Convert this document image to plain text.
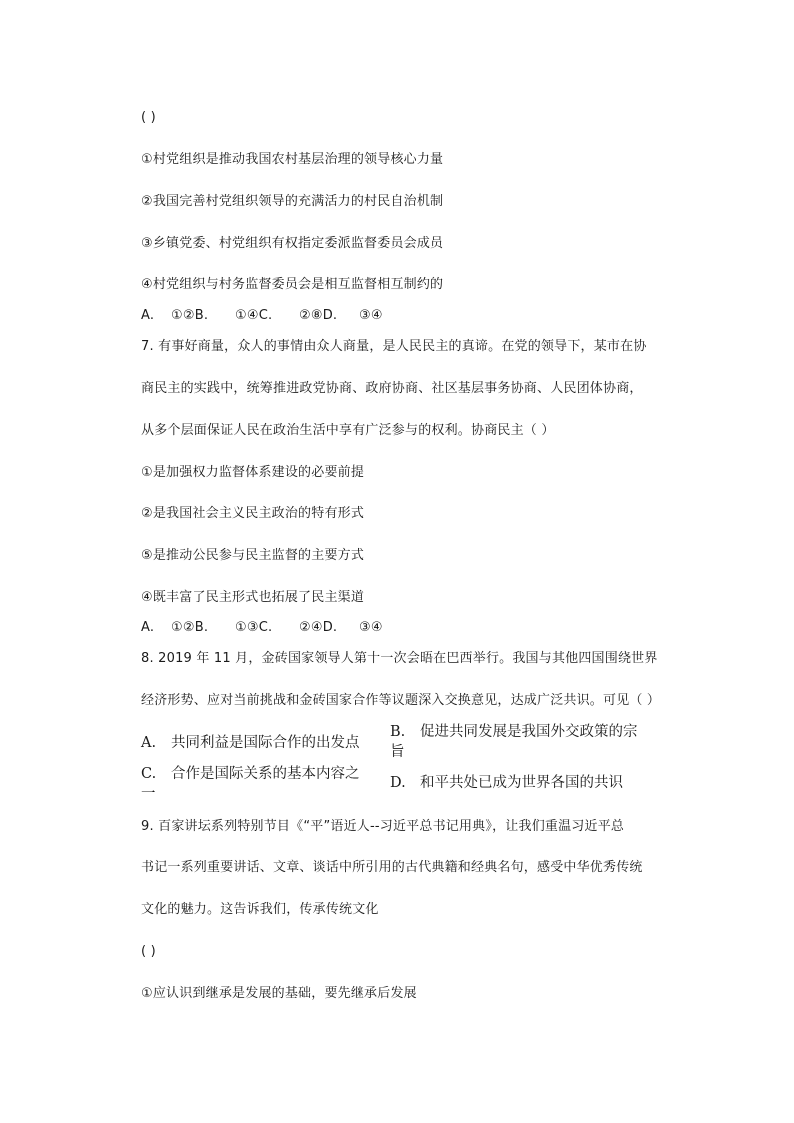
( )
①村党组织是推动我国农村基层治理的领导核心力量
②我国完善村党组织领导的充满活力的村民自治机制
③乡镇党委、村党组织有权指定委派监督委员会成员
④村党组织与村务监督委员会是相互监督相互制约的
A. ①②B. ①④C. ②⑧D. ③④
7. 有事好商量，众人的事情由众人商量，是人民民主的真谛。在党的领导下，某市在协
商民主的实践中，统筹推进政党协商、政府协商、社区基层事务协商、人民团体协商，
从多个层面保证人民在政治生活中享有广泛参与的权利。协商民主（ ）
①是加强权力监督体系建设的必要前提
②是我国社会主义民主政治的特有形式
⑤是推动公民参与民主监督的主要方式
④既丰富了民主形式也拓展了民主渠道
A. ①②B. ①③C. ②④D. ③④
8. 2019 年 11 月，金砖国家领导人第十一次会晤在巴西举行。我国与其他四国围绕世界
经济形势、应对当前挑战和金砖国家合作等议题深入交换意见，达成广泛共识。可见（ ）
A. 共同利益是国际合作的出发点
B. 促进共同发展是我国外交政策的宗
旨
C. 合作是国际关系的基本内容之
一
D. 和平共处已成为世界各国的共识
9. 百家讲坛系列特别节目《“平”语近人--习近平总书记用典》，让我们重温习近平总
书记一系列重要讲话、文章、谈话中所引用的古代典籍和经典名句，感受中华优秀传统
文化的魅力。这告诉我们，传承传统文化
( )
①应认识到继承是发展的基础，要先继承后发展
